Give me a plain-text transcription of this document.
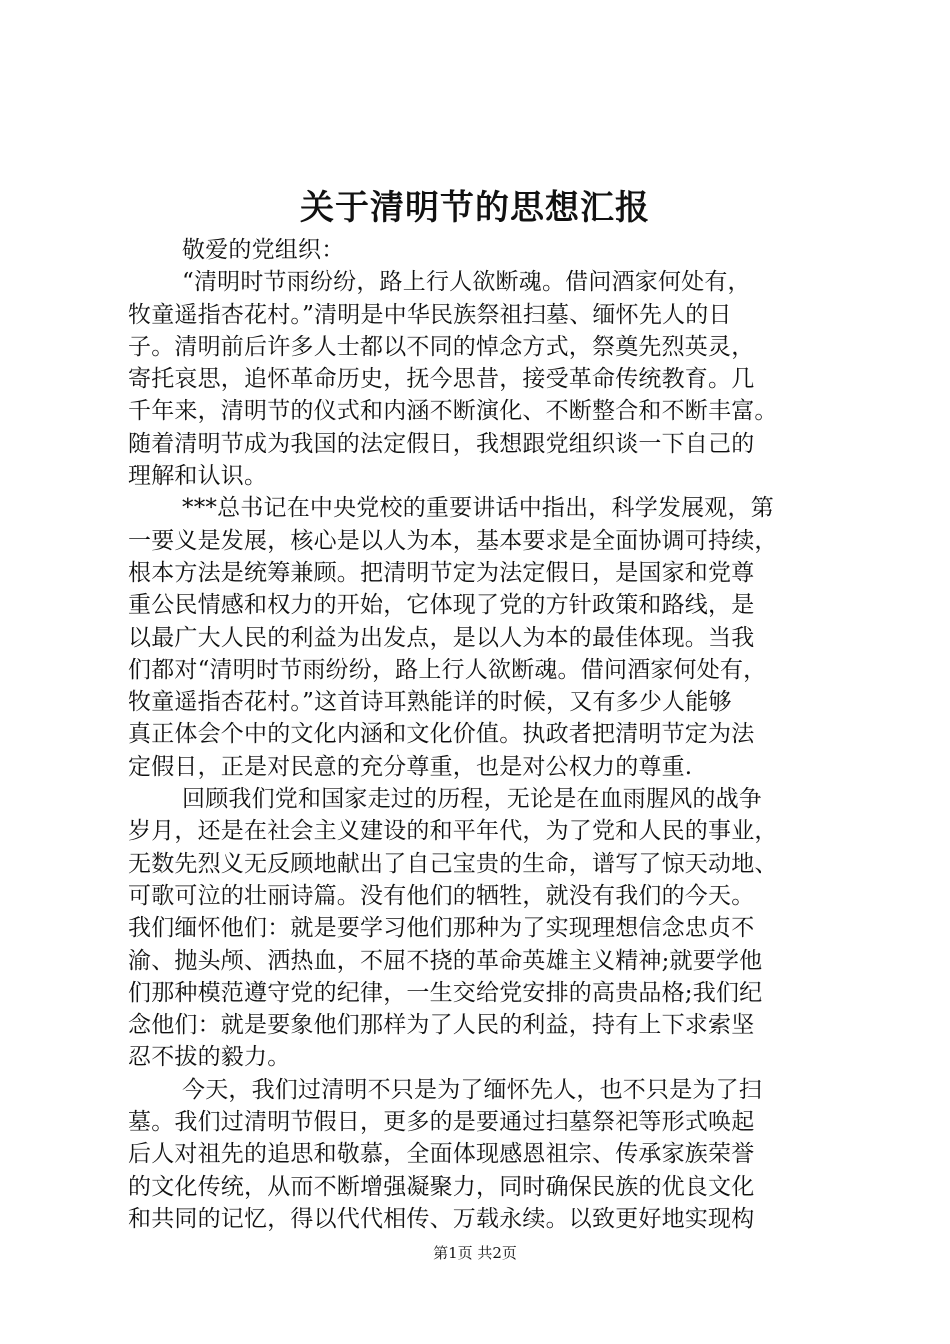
关于清明节的思想汇报
敬爱的党组织：
“清明时节雨纷纷，路上行人欲断魂。借问酒家何处有，
牧童遥指杏花村。”清明是中华民族祭祖扫墓、缅怀先人的日
子。清明前后许多人士都以不同的悼念方式，祭奠先烈英灵，
寄托哀思，追怀革命历史，抚今思昔，接受革命传统教育。几
千年来，清明节的仪式和内涵不断演化、不断整合和不断丰富。
随着清明节成为我国的法定假日，我想跟党组织谈一下自己的
理解和认识。
***总书记在中央党校的重要讲话中指出，科学发展观，第
一要义是发展，核心是以人为本，基本要求是全面协调可持续，
根本方法是统筹兼顾。把清明节定为法定假日，是国家和党尊
重公民情感和权力的开始，它体现了党的方针政策和路线，是
以最广大人民的利益为出发点，是以人为本的最佳体现。当我
们都对“清明时节雨纷纷，路上行人欲断魂。借问酒家何处有，
牧童遥指杏花村。”这首诗耳熟能详的时候，又有多少人能够
真正体会个中的文化内涵和文化价值。执政者把清明节定为法
定假日，正是对民意的充分尊重，也是对公权力的尊重.
回顾我们党和国家走过的历程，无论是在血雨腥风的战争
岁月，还是在社会主义建设的和平年代，为了党和人民的事业，
无数先烈义无反顾地献出了自己宝贵的生命，谱写了惊天动地、
可歌可泣的壮丽诗篇。没有他们的牺牲，就没有我们的今天。
我们缅怀他们：就是要学习他们那种为了实现理想信念忠贞不
渝、抛头颅、洒热血，不屈不挠的革命英雄主义精神;就要学他
们那种模范遵守党的纪律，一生交给党安排的高贵品格;我们纪
念他们：就是要象他们那样为了人民的利益，持有上下求索坚
忍不拔的毅力。
今天，我们过清明不只是为了缅怀先人，也不只是为了扫
墓。我们过清明节假日，更多的是要通过扫墓祭祀等形式唤起
后人对祖先的追思和敬慕，全面体现感恩祖宗、传承家族荣誉
的文化传统，从而不断增强凝聚力，同时确保民族的优良文化
和共同的记忆，得以代代相传、万载永续。以致更好地实现构
第1页 共2页
